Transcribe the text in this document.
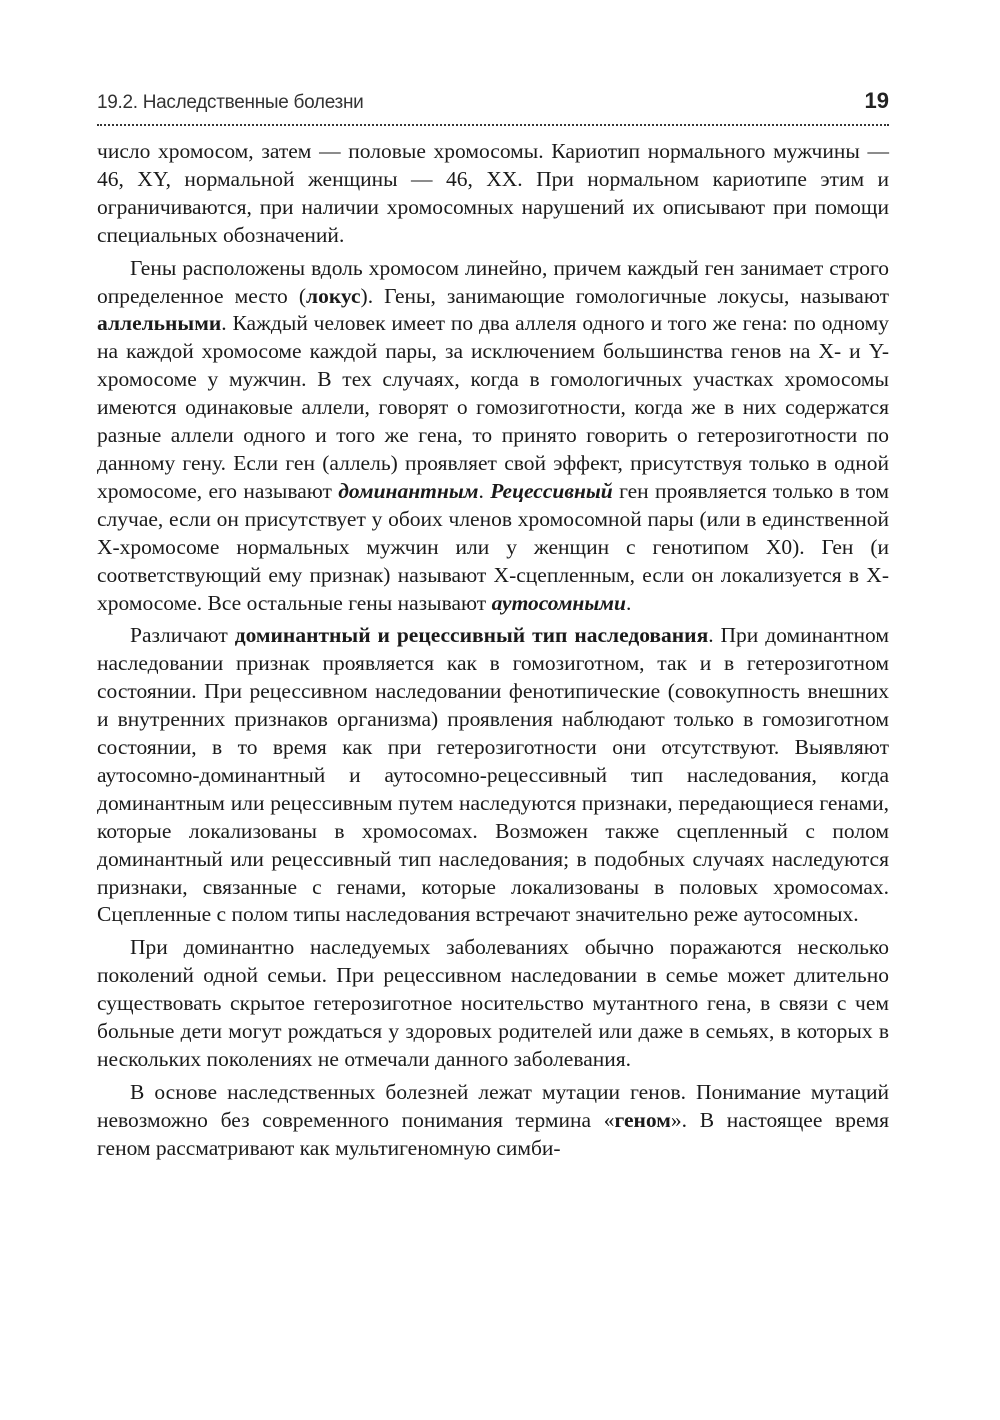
19.2. Наследственные болезни	19

число хромосом, затем — половые хромосомы. Кариотип нормального мужчины — 46, XY, нормальной женщины — 46, XX. При нормальном кариотипе этим и ограничиваются, при наличии хромосомных нарушений их описывают при помощи специальных обозначений.

Гены расположены вдоль хромосом линейно, причем каждый ген занимает строго определенное место (локус). Гены, занимающие гомологичные локусы, называют аллельными. Каждый человек имеет по два аллеля одного и того же гена: по одному на каждой хромосоме каждой пары, за исключением большинства генов на X- и Y-хромосоме у мужчин. В тех случаях, когда в гомологичных участках хромосомы имеются одинаковые аллели, говорят о гомозиготности, когда же в них содержатся разные аллели одного и того же гена, то принято говорить о гетерозиготности по данному гену. Если ген (аллель) проявляет свой эффект, присутствуя только в одной хромосоме, его называют доминантным. Рецессивный ген проявляется только в том случае, если он присутствует у обоих членов хромосомной пары (или в единственной X-хромосоме нормальных мужчин или у женщин с генотипом X0). Ген (и соответствующий ему признак) называют X-сцепленным, если он локализуется в X-хромосоме. Все остальные гены называют аутосомными.

Различают доминантный и рецессивный тип наследования. При доминантном наследовании признак проявляется как в гомозиготном, так и в гетерозиготном состоянии. При рецессивном наследовании фенотипические (совокупность внешних и внутренних признаков организма) проявления наблюдают только в гомозиготном состоянии, в то время как при гетерозиготности они отсутствуют. Выявляют аутосомно-доминантный и аутосомно-рецессивный тип наследования, когда доминантным или рецессивным путем наследуются признаки, передающиеся генами, которые локализованы в хромосомах. Возможен также сцепленный с полом доминантный или рецессивный тип наследования; в подобных случаях наследуются признаки, связанные с генами, которые локализованы в половых хромосомах. Сцепленные с полом типы наследования встречают значительно реже аутосомных.

При доминантно наследуемых заболеваниях обычно поражаются несколько поколений одной семьи. При рецессивном наследовании в семье может длительно существовать скрытое гетерозиготное носительство мутантного гена, в связи с чем больные дети могут рождаться у здоровых родителей или даже в семьях, в которых в нескольких поколениях не отмечали данного заболевания.

В основе наследственных болезней лежат мутации генов. Понимание мутаций невозможно без современного понимания термина «геном». В настоящее время геном рассматривают как мультигеномную симби-
